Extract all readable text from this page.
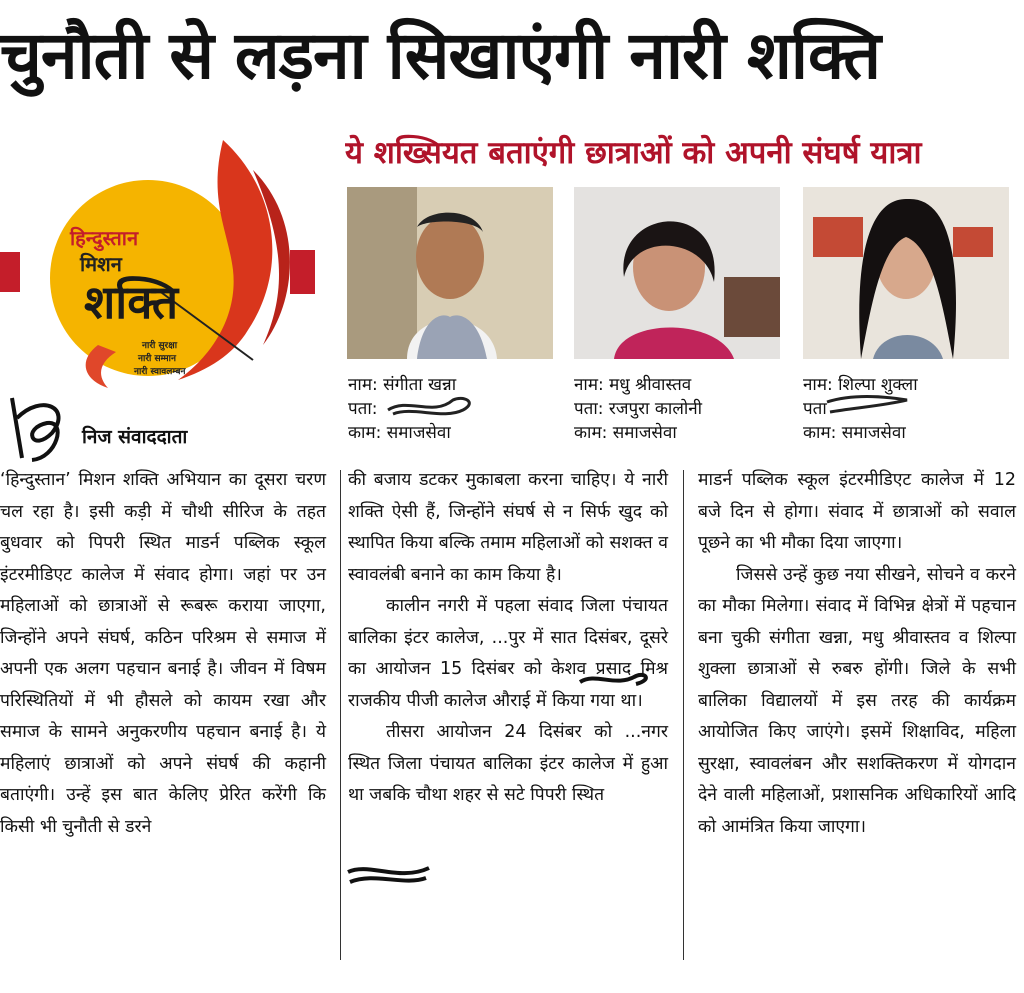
चुनौती से लड़ना सिखाएंगी नारी शक्ति
हिन्दुस्तान
मिशन
शक्ति
नारी सुरक्षा
नारी सम्मान
नारी स्वावलम्बन
ये शख्सियत बताएंगी छात्राओं को अपनी संघर्ष यात्रा
नाम: संगीता खन्ना
पता:
काम: समाजसेवा
नाम: मधु श्रीवास्तव
पता: रजपुरा कालोनी
काम: समाजसेवा
नाम: शिल्पा शुक्ला
पता
काम: समाजसेवा
निज संवाददाता

‘हिन्दुस्तान’ मिशन शक्ति अभियान का दूसरा चरण चल रहा है। इसी कड़ी में चौथी सीरिज के तहत बुधवार को पिपरी स्थित माडर्न पब्लिक स्कूल इंटरमीडिएट कालेज में संवाद होगा। जहां पर उन महिलाओं को छात्राओं से रूबरू कराया जाएगा, जिन्होंने अपने संघर्ष, कठिन परिश्रम से समाज में अपनी एक अलग पहचान बनाई है। जीवन में विषम परिस्थितियों में भी हौसले को कायम रखा और समाज के सामने अनुकरणीय पहचान बनाई है। ये महिलाएं छात्राओं को अपने संघर्ष की कहानी बताएंगी। उन्हें इस बात केलिए प्रेरित करेंगी कि किसी भी चुनौती से डरने

की बजाय डटकर मुकाबला करना चाहिए। ये नारी शक्ति ऐसी हैं, जिन्होंने संघर्ष से न सिर्फ खुद को स्थापित किया बल्कि तमाम महिलाओं को सशक्त व स्वावलंबी बनाने का काम किया है।

कालीन नगरी में पहला संवाद जिला पंचायत बालिका इंटर कालेज, ...पुर में सात दिसंबर, दूसरे का आयोजन 15 दिसंबर को केशव प्रसाद मिश्र राजकीय पीजी कालेज औराई में किया गया था।

तीसरा आयोजन 24 दिसंबर को ...नगर स्थित जिला पंचायत बालिका इंटर कालेज में हुआ था जबकि चौथा शहर से सटे पिपरी स्थित

माडर्न पब्लिक स्कूल इंटरमीडिएट कालेज में 12 बजे दिन से होगा। संवाद में छात्राओं को सवाल पूछने का भी मौका दिया जाएगा।

जिससे उन्हें कुछ नया सीखने, सोचने व करने का मौका मिलेगा। संवाद में विभिन्न क्षेत्रों में पहचान बना चुकी संगीता खन्ना, मधु श्रीवास्तव व शिल्पा शुक्ला छात्राओं से रुबरु होंगी। जिले के सभी बालिका विद्यालयों में इस तरह की कार्यक्रम आयोजित किए जाएंगे। इसमें शिक्षाविद, महिला सुरक्षा, स्वावलंबन और सशक्तिकरण में योगदान देने वाली महिलाओं, प्रशासनिक अधिकारियों आदि को आमंत्रित किया जाएगा।
